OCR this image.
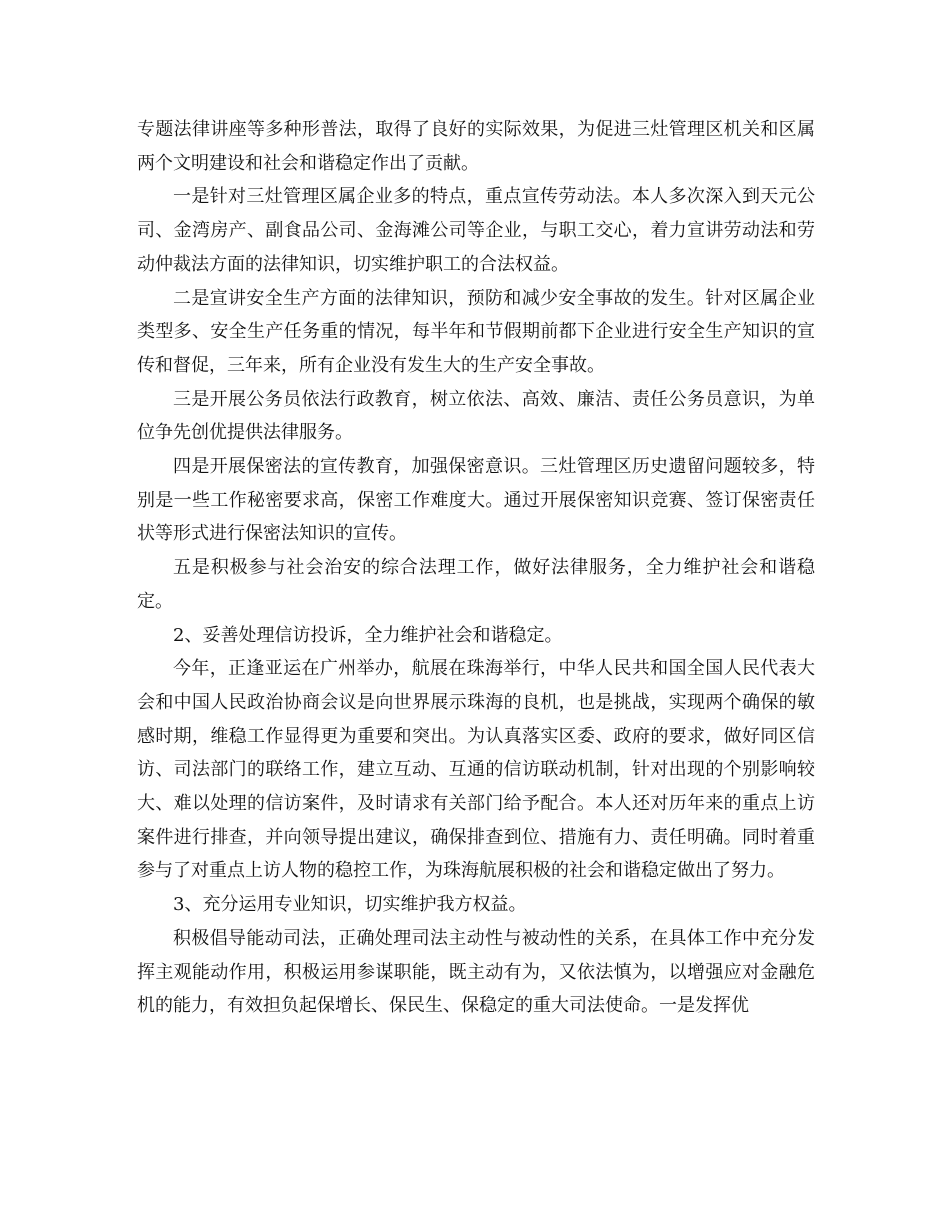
专题法律讲座等多种形普法，取得了良好的实际效果，为促进三灶管理区机关和区属两个文明建设和社会和谐稳定作出了贡献。

一是针对三灶管理区属企业多的特点，重点宣传劳动法。本人多次深入到天元公司、金湾房产、副食品公司、金海滩公司等企业，与职工交心，着力宣讲劳动法和劳动仲裁法方面的法律知识，切实维护职工的合法权益。

二是宣讲安全生产方面的法律知识，预防和减少安全事故的发生。针对区属企业类型多、安全生产任务重的情况，每半年和节假期前都下企业进行安全生产知识的宣传和督促，三年来，所有企业没有发生大的生产安全事故。

三是开展公务员依法行政教育，树立依法、高效、廉洁、责任公务员意识，为单位争先创优提供法律服务。

四是开展保密法的宣传教育，加强保密意识。三灶管理区历史遗留问题较多，特别是一些工作秘密要求高，保密工作难度大。通过开展保密知识竞赛、签订保密责任状等形式进行保密法知识的宣传。

五是积极参与社会治安的综合法理工作，做好法律服务，全力维护社会和谐稳定。

2、妥善处理信访投诉，全力维护社会和谐稳定。

今年，正逢亚运在广州举办，航展在珠海举行，中华人民共和国全国人民代表大会和中国人民政治协商会议是向世界展示珠海的良机，也是挑战，实现两个确保的敏感时期，维稳工作显得更为重要和突出。为认真落实区委、政府的要求，做好同区信访、司法部门的联络工作，建立互动、互通的信访联动机制，针对出现的个别影响较大、难以处理的信访案件，及时请求有关部门给予配合。本人还对历年来的重点上访案件进行排查，并向领导提出建议，确保排查到位、措施有力、责任明确。同时着重参与了对重点上访人物的稳控工作，为珠海航展积极的社会和谐稳定做出了努力。

3、充分运用专业知识，切实维护我方权益。

积极倡导能动司法，正确处理司法主动性与被动性的关系，在具体工作中充分发挥主观能动作用，积极运用参谋职能，既主动有为，又依法慎为，以增强应对金融危机的能力，有效担负起保增长、保民生、保稳定的重大司法使命。一是发挥优
